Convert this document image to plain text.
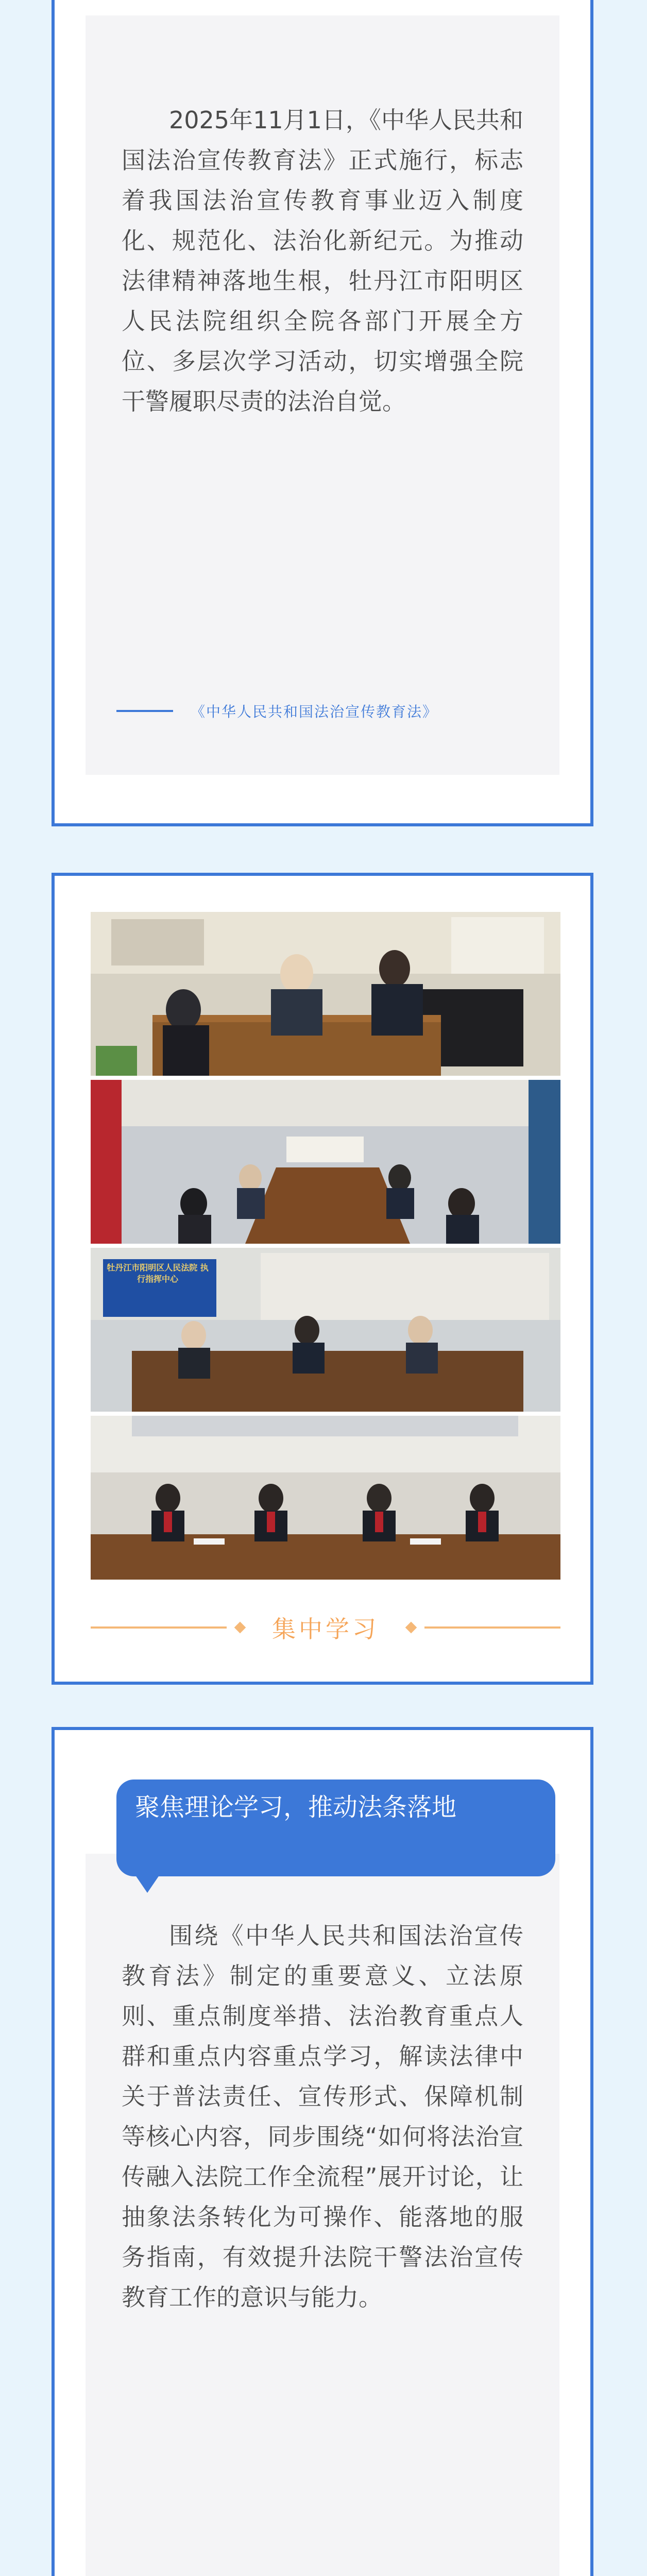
2025年11月1日，《中华人民共和国法治宣传教育法》正式施行，标志着我国法治宣传教育事业迈入制度化、规范化、法治化新纪元。为推动法律精神落地生根，牡丹江市阳明区人民法院组织全院各部门开展全方位、多层次学习活动，切实增强全院干警履职尽责的法治自觉。

《中华人民共和国法治宣传教育法》
牡丹江市阳明区人民法院 执行指挥中心
集中学习

围绕《中华人民共和国法治宣传教育法》制定的重要意义、立法原则、重点制度举措、法治教育重点人群和重点内容重点学习，解读法律中关于普法责任、宣传形式、保障机制等核心内容，同步围绕“如何将法治宣传融入法院工作全流程”展开讨论，让抽象法条转化为可操作、能落地的服务指南，有效提升法院干警法治宣传教育工作的意识与能力。

聚焦理论学习，推动法条落地
